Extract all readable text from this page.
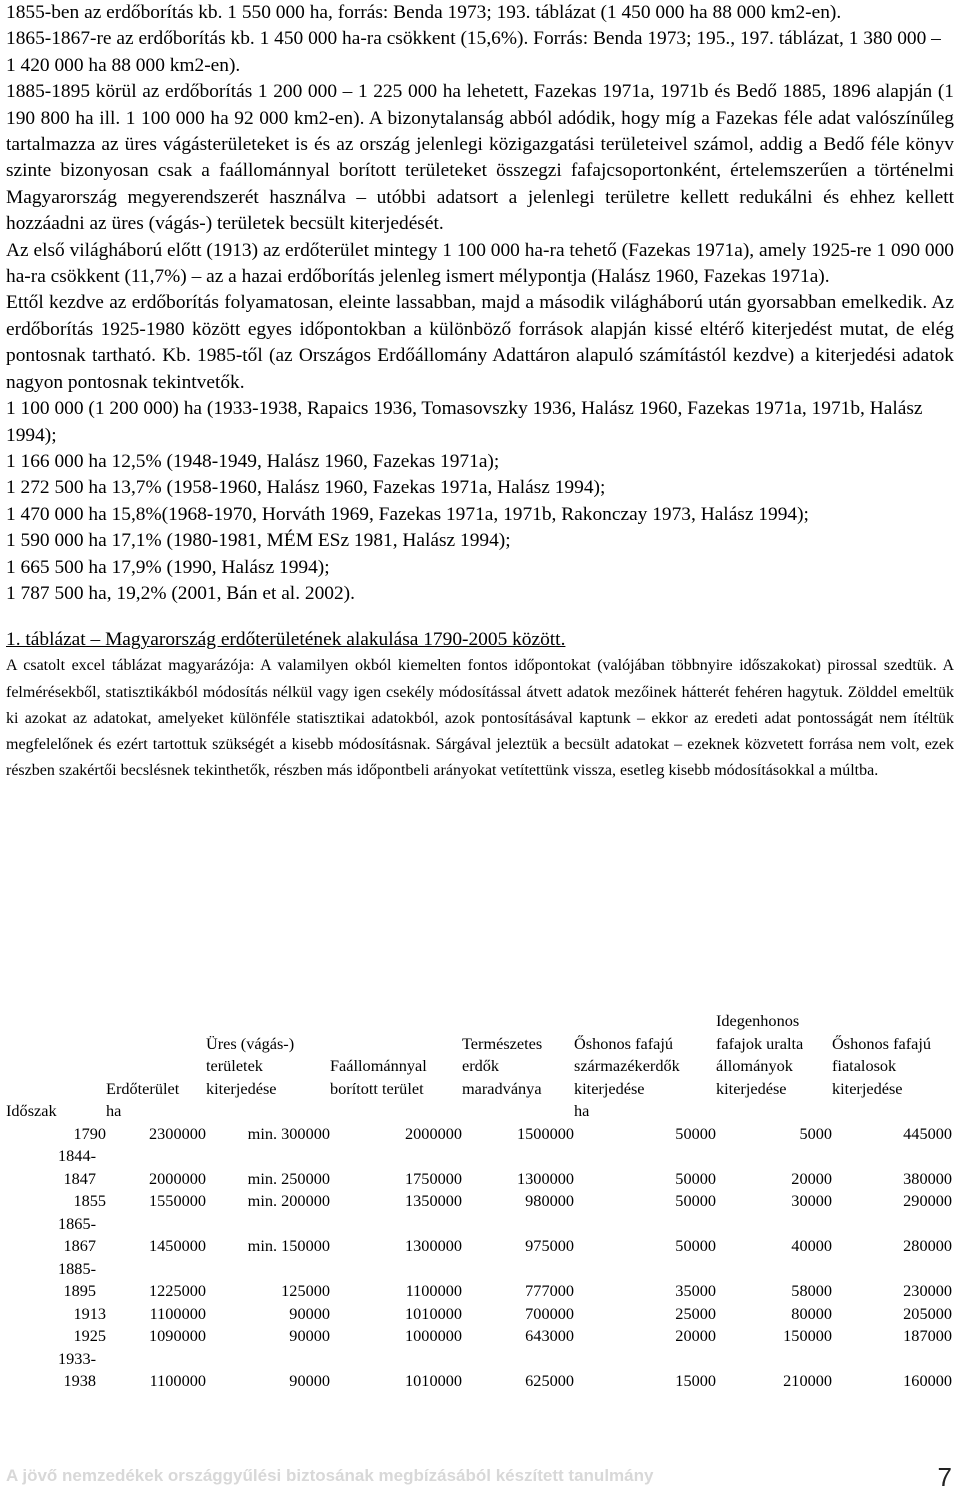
1855-ben az erdőborítás kb. 1 550 000 ha, forrás: Benda 1973; 193. táblázat (1 450 000 ha 88 000 km2-en).

1865-1867-re az erdőborítás kb. 1 450 000 ha-ra csökkent (15,6%). Forrás: Benda 1973; 195., 197. táblázat, 1 380 000 – 1 420 000 ha 88 000 km2-en).

1885-1895 körül az erdőborítás 1 200 000 – 1 225 000 ha lehetett, Fazekas 1971a, 1971b és Bedő 1885, 1896 alapján (1 190 800 ha ill. 1 100 000 ha 92 000 km2-en). A bizonytalanság abból adódik, hogy míg a Fazekas féle adat valószínűleg tartalmazza az üres vágásterületeket is és az ország jelenlegi közigazgatási területeivel számol, addig a Bedő féle könyv szinte bizonyosan csak a faállománnyal borított területeket összegzi fafajcsoportonként, értelemszerűen a történelmi Magyarország megyerendszerét használva – utóbbi adatsort a jelenlegi területre kellett redukálni és ehhez kellett hozzáadni az üres (vágás-) területek becsült kiterjedését.

Az első világháború előtt (1913) az erdőterület mintegy 1 100 000 ha-ra tehető (Fazekas 1971a), amely 1925-re 1 090 000 ha-ra csökkent (11,7%) – az a hazai erdőborítás jelenleg ismert mélypontja (Halász 1960, Fazekas 1971a).

Ettől kezdve az erdőborítás folyamatosan, eleinte lassabban, majd a második világháború után gyorsabban emelkedik. Az erdőborítás 1925-1980 között egyes időpontokban a különböző források alapján kissé eltérő kiterjedést mutat, de elég pontosnak tartható. Kb. 1985-től (az Országos Erdőállomány Adattáron alapuló számítástól kezdve) a kiterjedési adatok nagyon pontosnak tekintvetők.

1 100 000 (1 200 000) ha (1933-1938, Rapaics 1936, Tomasovszky 1936, Halász 1960, Fazekas 1971a, 1971b, Halász 1994);

1 166 000 ha 12,5% (1948-1949, Halász 1960, Fazekas 1971a);

1 272 500 ha 13,7% (1958-1960, Halász 1960, Fazekas 1971a, Halász 1994);

1 470 000 ha 15,8%(1968-1970, Horváth 1969, Fazekas 1971a, 1971b, Rakonczay 1973, Halász 1994);

1 590 000 ha 17,1% (1980-1981, MÉM ESz 1981, Halász 1994);

1 665 500 ha 17,9% (1990, Halász 1994);

1 787 500 ha, 19,2% (2001, Bán et al. 2002).

1. táblázat – Magyarország erdőterületének alakulása 1790-2005 között.

A csatolt excel táblázat magyarázója: A valamilyen okból kiemelten fontos időpontokat (valójában többnyire időszakokat) pirossal szedtük. A felmérésekből, statisztikákból módosítás nélkül vagy igen csekély módosítással átvett adatok mezőinek hátterét fehéren hagytuk. Zölddel emeltük ki azokat az adatokat, amelyeket különféle statisztikai adatokból, azok pontosításával kaptunk – ekkor az eredeti adat pontosságát nem ítéltük megfelelőnek és ezért tartottuk szükségét a kisebb módosításnak. Sárgával jeleztük a becsült adatokat – ezeknek közvetett forrása nem volt, ezek részben szakértői becslésnek tekinthetők, részben más időpontbeli arányokat vetítettünk vissza, esetleg kisebb módosításokkal a múltba.

	Erdőterület	Üres (vágás-) területek kiterjedése	Faállománnyal borított terület	Természetes erdők maradványa	Őshonos fafajú származékerdők kiterjedése	Idegenhonos fafajok uralta állományok kiterjedése	Őshonos fafajú fiatalosok kiterjedése
Időszak	ha				ha		
1790	2300000	min. 300000	2000000	1500000	50000	5000	445000

1844-
1847	2000000	min. 250000	1750000	1300000	50000	20000	380000
1855	1550000	min. 200000	1350000	980000	50000	30000	290000

1865-
1867	1450000	min. 150000	1300000	975000	50000	40000	280000

1885-
1895	1225000	125000	1100000	777000	35000	58000	230000
1913	1100000	90000	1010000	700000	25000	80000	205000
1925	1090000	90000	1000000	643000	20000	150000	187000

1933-
1938	1100000	90000	1010000	625000	15000	210000	160000
A jövő nemzedékek országgyűlési biztosának megbízásából készített tanulmány	7
